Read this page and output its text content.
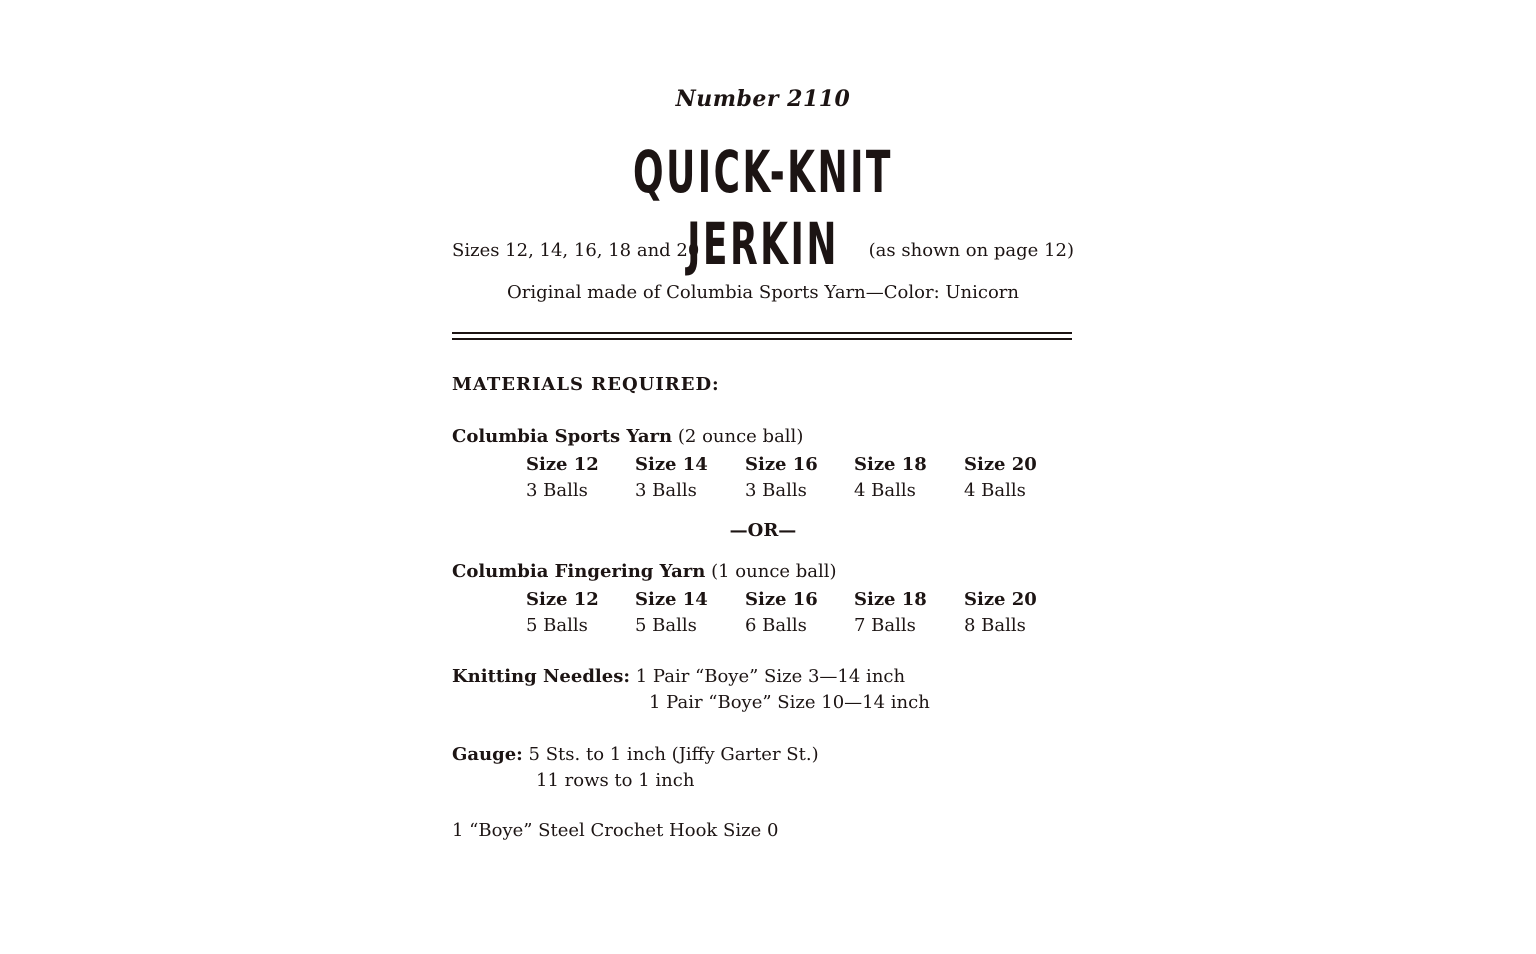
Number 2110
QUICK-KNIT JERKIN
Sizes 12, 14, 16, 18 and 20	(as shown on page 12)
Original made of Columbia Sports Yarn—Color: Unicorn
MATERIALS REQUIRED:
Columbia Sports Yarn (2 ounce ball)
Size 12
3 Balls
Size 14
3 Balls
Size 16
3 Balls
Size 18
4 Balls
Size 20
4 Balls
—OR—
Columbia Fingering Yarn (1 ounce ball)
Size 12
5 Balls
Size 14
5 Balls
Size 16
6 Balls
Size 18
7 Balls
Size 20
8 Balls
Knitting Needles: 1 Pair “Boye” Size 3—14 inch
1 Pair “Boye” Size 10—14 inch
Gauge: 5 Sts. to 1 inch (Jiffy Garter St.)
11 rows to 1 inch
1 “Boye” Steel Crochet Hook Size 0
